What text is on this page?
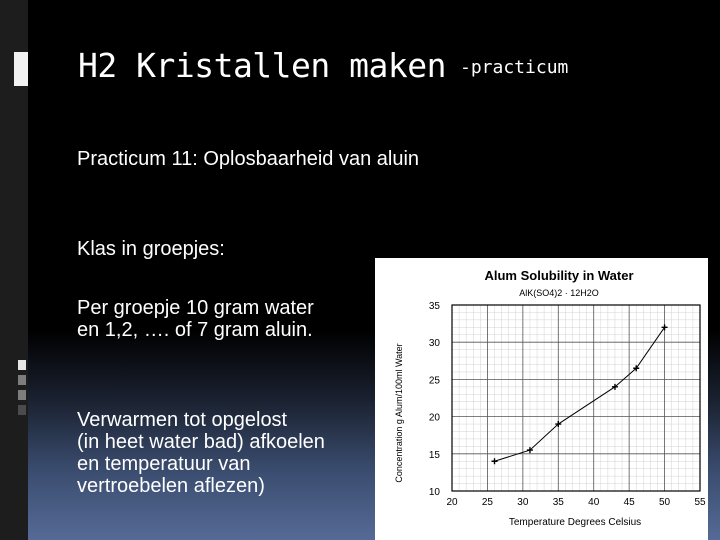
H2 Kristallen maken -practicum
Practicum 11: Oplosbaarheid van aluin
Klas in groepjes:
Per groepje 10 gram water
en 1,2, …. of 7 gram aluin.
Verwarmen tot opgelost
(in heet water bad) afkoelen
en temperatuur van
vertroebelen aflezen)
Alum Solubility in Water
AlK(SO4)2 · 12H2O
20 25 30 35 40 45 50 55
10
15
20
25
30
35
Temperature Degrees Celsius
Concentration g Alum/100ml Water
